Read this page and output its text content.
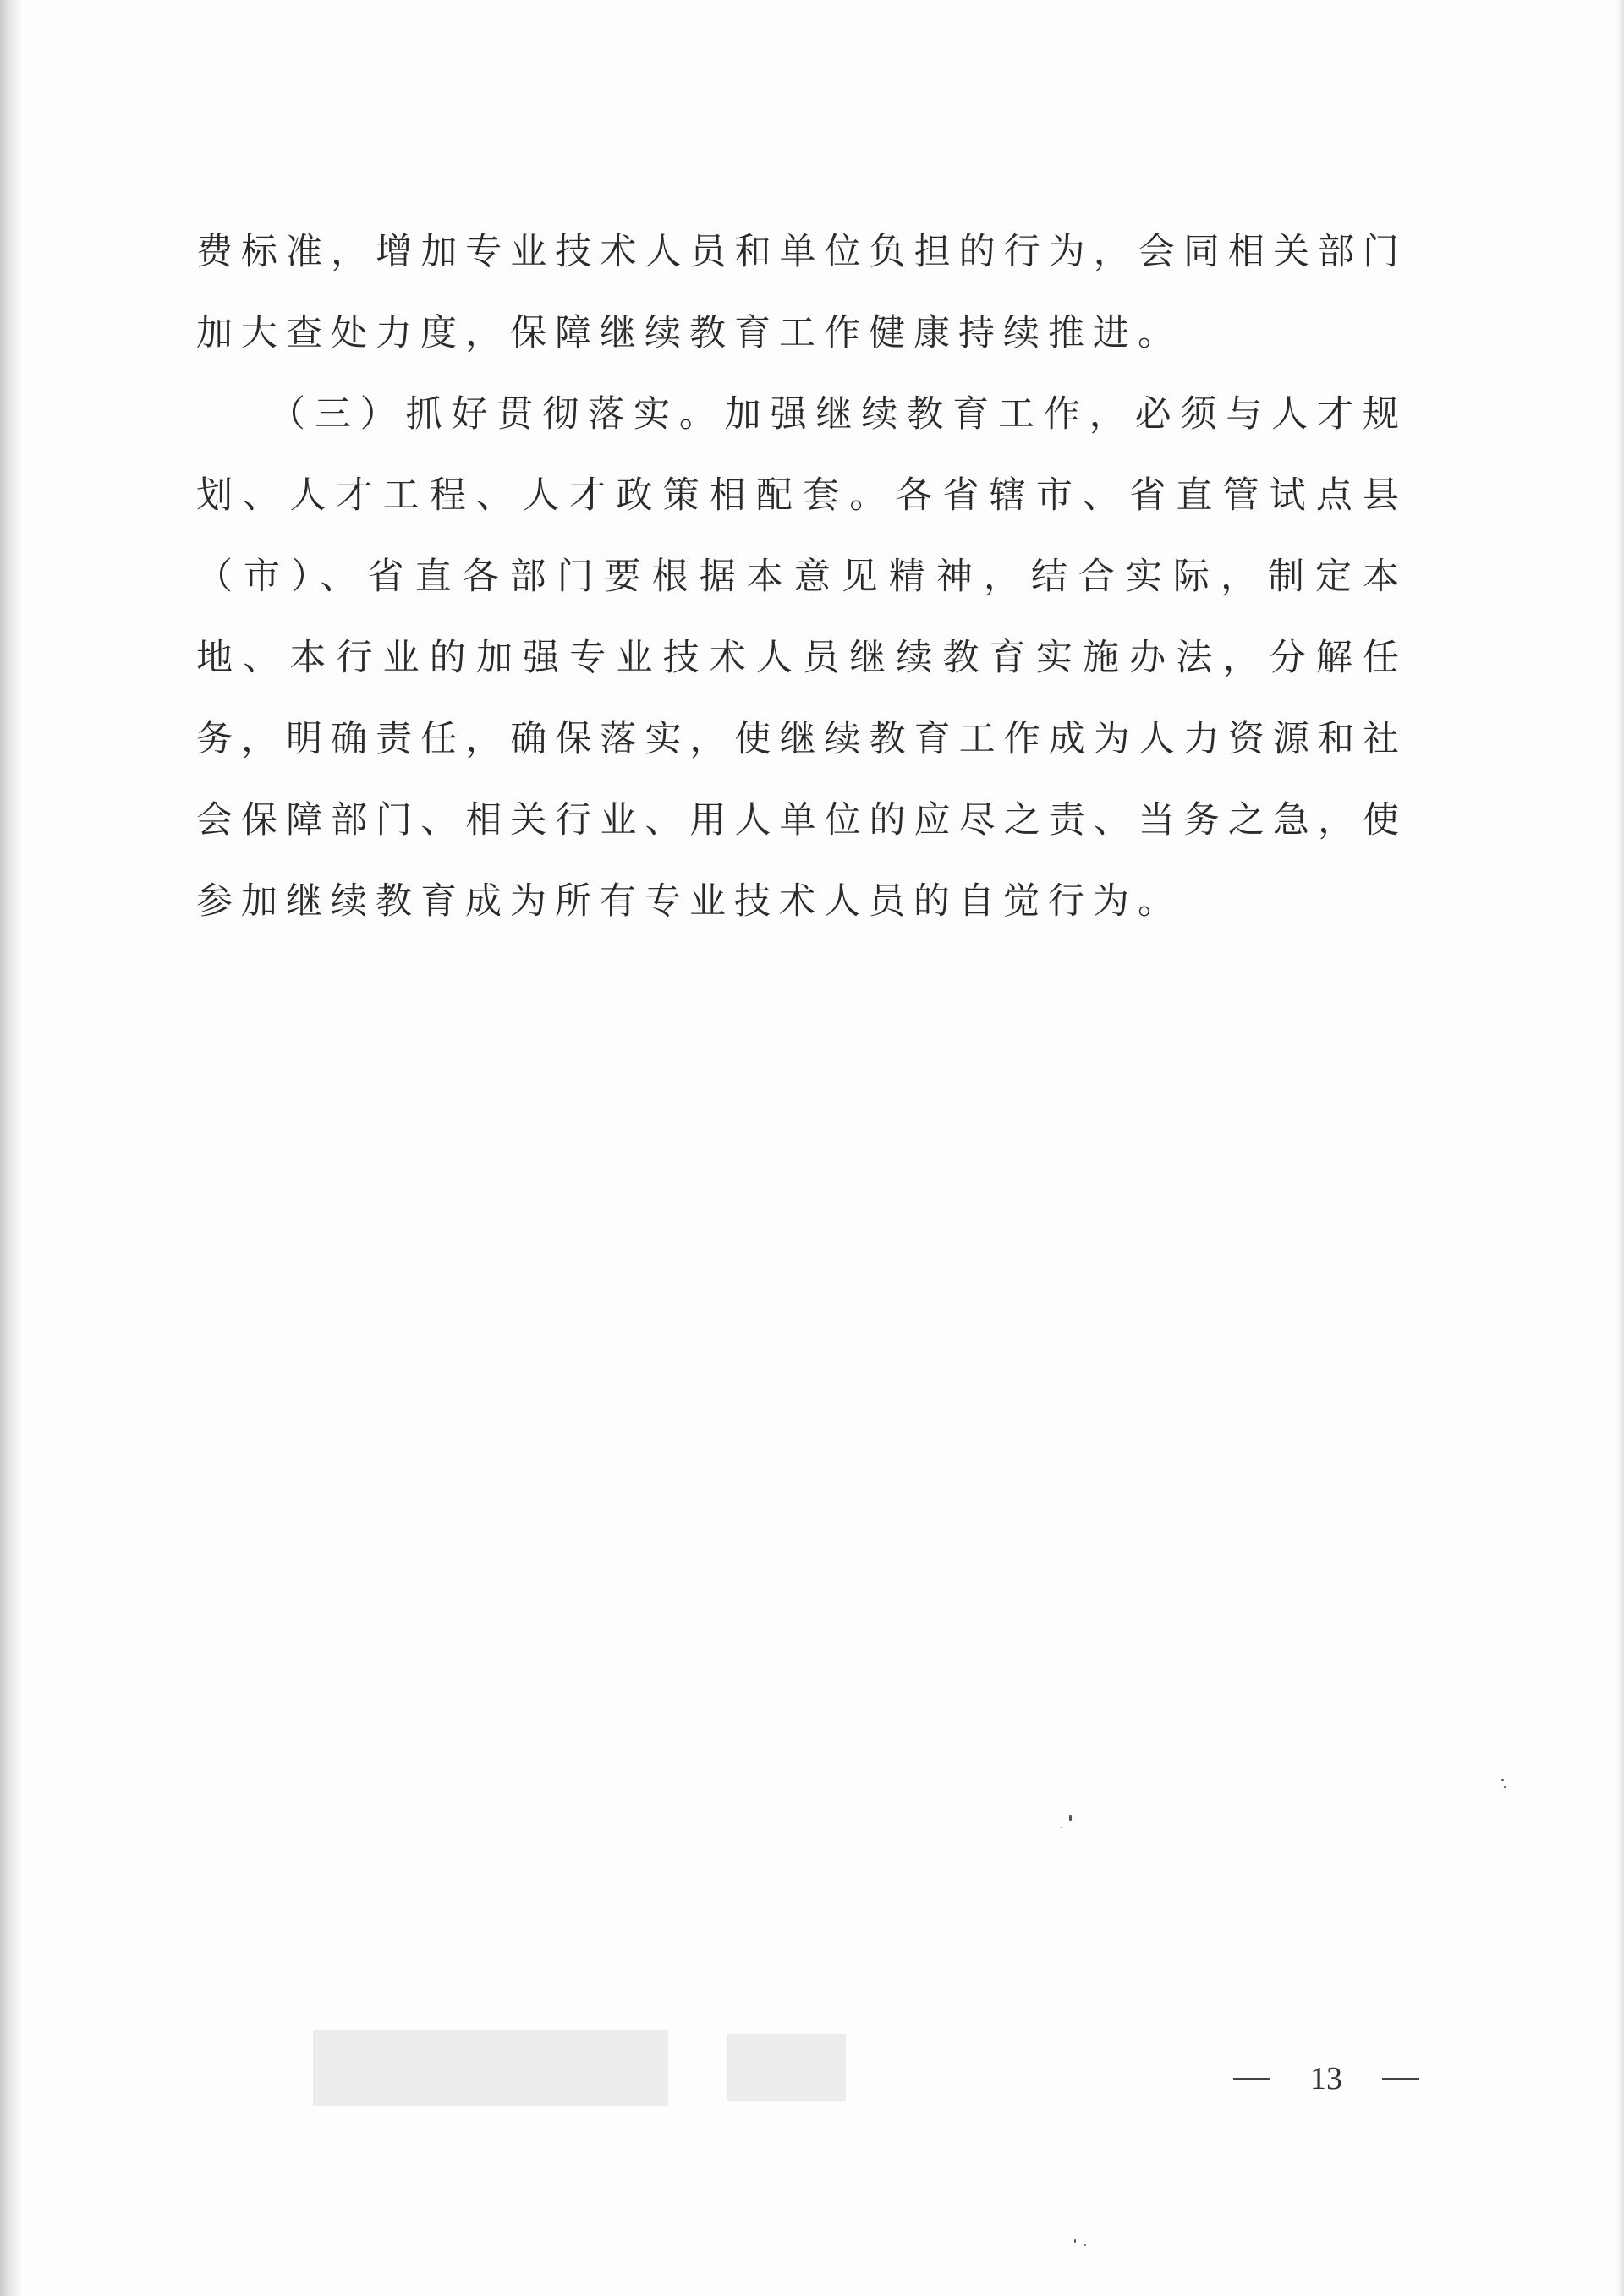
费标准，增加专业技术人员和单位负担的行为，会同相关部门加大查处力度，保障继续教育工作健康持续推进。

（三）抓好贯彻落实。加强继续教育工作，必须与人才规划、人才工程、人才政策相配套。各省辖市、省直管试点县（市）、省直各部门要根据本意见精神，结合实际，制定本地、本行业的加强专业技术人员继续教育实施办法，分解任务，明确责任，确保落实，使继续教育工作成为人力资源和社会保障部门、相关行业、用人单位的应尽之责、当务之急，使参加继续教育成为所有专业技术人员的自觉行为。

13
